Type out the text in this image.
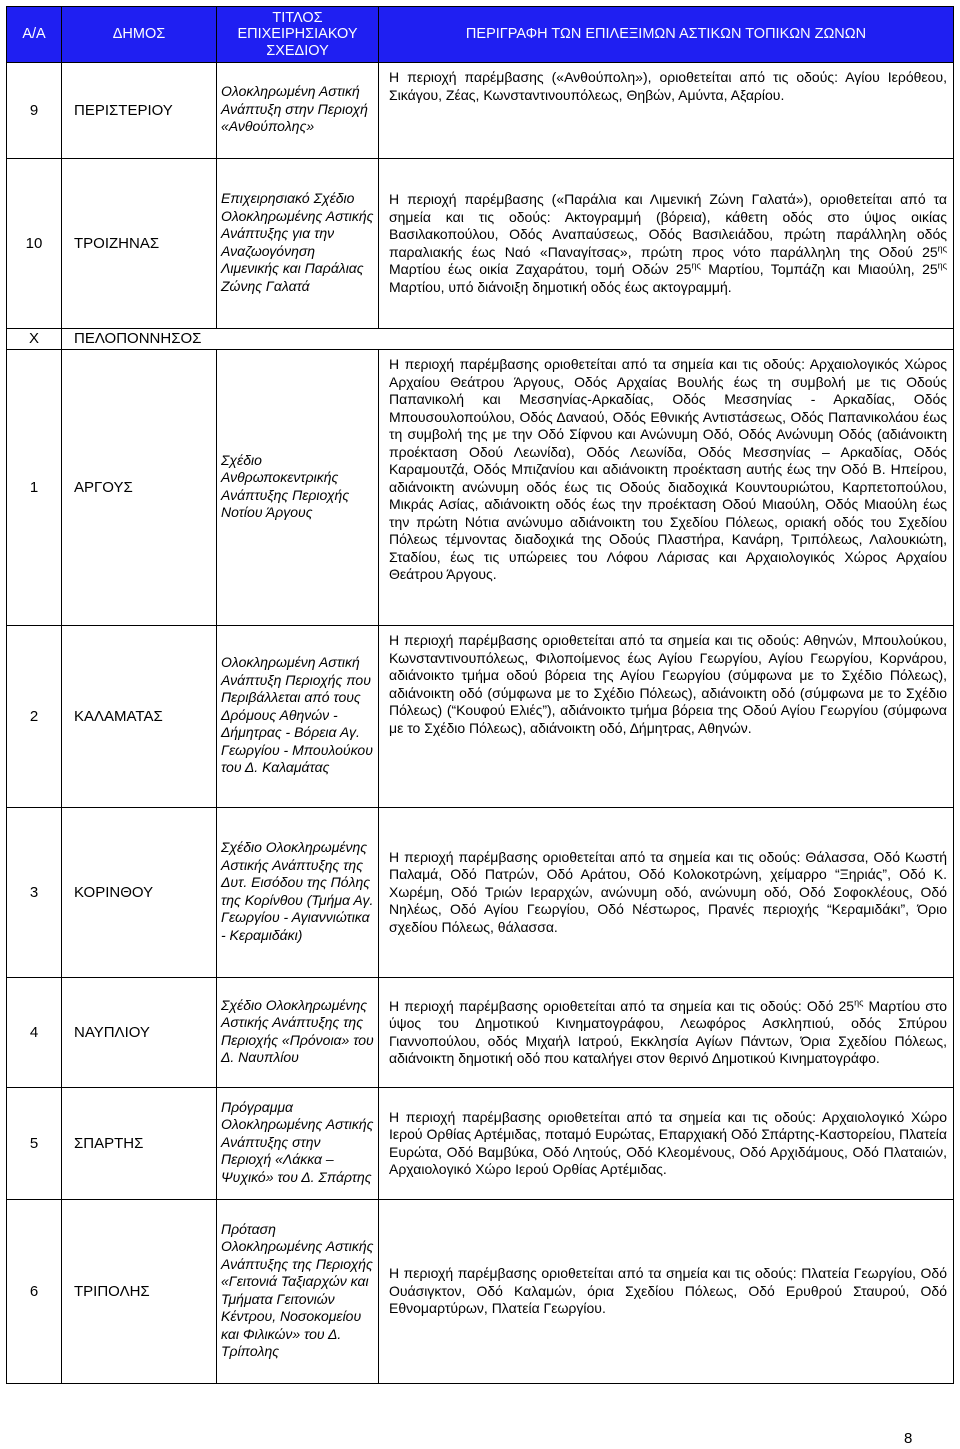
Α/Α	ΔΗΜΟΣ	ΤΙΤΛΟΣ
ΕΠΙΧΕΙΡΗΣΙΑΚΟΥ
ΣΧΕΔΙΟΥ	ΠΕΡΙΓΡΑΦΗ ΤΩΝ ΕΠΙΛΕΞΙΜΩΝ ΑΣΤΙΚΩΝ ΤΟΠΙΚΩΝ ΖΩΝΩΝ
9	ΠΕΡΙΣΤΕΡΙΟΥ	Ολοκληρωμένη Αστική Ανάπτυξη στην Περιοχή «Ανθούπολης»	Η περιοχή παρέμβασης («Ανθούπολη»), οριοθετείται από τις οδούς: Αγίου Ιερόθεου, Σικάγου, Ζέας, Κωνσταντινουπόλεως, Θηβών, Αμύντα, Αξαρίου.

10	ΤΡΟΙΖΗΝΑΣ	Επιχειρησιακό Σχέδιο Ολοκληρωμένης Αστικής Ανάπτυξης για την Αναζωογόνηση Λιμενικής και Παράλιας Ζώνης Γαλατά	Η περιοχή παρέμβασης («Παράλια και Λιμενική Ζώνη Γαλατά»), οριοθετείται από τα σημεία και τις οδούς: Ακτογραμμή (βόρεια), κάθετη οδός στο ύψος οικίας Βασιλακοπούλου, Οδός Αναπαύσεως, Οδός Βασιλειάδου, πρώτη παράλληλη οδός παραλιακής έως Ναό «Παναγίτσας», πρώτη προς νότο παράλληλη της Οδού $25^{\eta\varsigma}$ Μαρτίου έως οικία Ζαχαράτου, τομή Οδών $25^{\eta\varsigma}$ Μαρτίου, Τομπάζη και Μιαούλη, $25^{\eta\varsigma}$ Μαρτίου, υπό διάνοιξη δημοτική οδός έως ακτογραμμή.

Χ	ΠΕΛΟΠΟΝΝΗΣΟΣ		
1	ΑΡΓΟΥΣ	Σχέδιο Ανθρωποκεντρικής Ανάπτυξης Περιοχής Νοτίου Άργους	Η περιοχή παρέμβασης οριοθετείται από τα σημεία και τις οδούς: Αρχαιολογικός Χώρος Αρχαίου Θεάτρου Άργους, Οδός Αρχαίας Βουλής έως τη συμβολή με τις Οδούς Παπανικολή και Μεσσηνίας-Αρκαδίας, Οδός Μεσσηνίας - Αρκαδίας, Οδός Μπουσουλοπούλου, Οδός Δαναού, Οδός Εθνικής Αντιστάσεως, Οδός Παπανικολάου έως τη συμβολή της με την Οδό Σίφνου και Ανώνυμη Οδό, Οδός Ανώνυμη Οδός (αδιάνοικτη προέκταση Οδού Λεωνίδα), Οδός Λεωνίδα, Οδός Μεσσηνίας – Αρκαδίας, Οδός Καραμουτζά, Οδός Μπιζανίου και αδιάνοικτη προέκταση αυτής έως την Οδό Β. Ηπείρου, αδιάνοικτη ανώνυμη οδός έως τις Οδούς διαδοχικά Κουντουριώτου, Καρπετοπούλου, Μικράς Ασίας, αδιάνοικτη οδός έως την προέκταση Οδού Μιαούλη, Οδός Μιαούλη έως την πρώτη Νότια ανώνυμο αδιάνοικτη του Σχεδίου Πόλεως, οριακή οδός του Σχεδίου Πόλεως τέμνοντας διαδοχικά της Οδούς Πλαστήρα, Κανάρη, Τριπόλεως, Λαλουκιώτη, Σταδίου, έως τις υπώρειες του Λόφου Λάρισας και Αρχαιολογικός Χώρος Αρχαίου Θεάτρου Άργους.

2	ΚΑΛΑΜΑΤΑΣ	Ολοκληρωμένη Αστική Ανάπτυξη Περιοχής που Περιβάλλεται από τους Δρόμους Αθηνών - Δήμητρας - Βόρεια Αγ. Γεωργίου - Μπουλούκου του Δ. Καλαμάτας	Η περιοχή παρέμβασης οριοθετείται από τα σημεία και τις οδούς: Αθηνών, Μπουλούκου, Κωνσταντινουπόλεως, Φιλοποίμενος έως Αγίου Γεωργίου, Αγίου Γεωργίου, Κορνάρου, αδιάνοικτο τμήμα οδού βόρεια της Αγίου Γεωργίου (σύμφωνα με το Σχέδιο Πόλεως), αδιάνοικτη οδό (σύμφωνα με το Σχέδιο Πόλεως), αδιάνοικτη οδό (σύμφωνα με το Σχέδιο Πόλεως) (“Κουφού Ελιές”), αδιάνοικτο τμήμα βόρεια της Οδού Αγίου Γεωργίου (σύμφωνα με το Σχέδιο Πόλεως), αδιάνοικτη οδό, Δήμητρας, Αθηνών.

3	ΚΟΡΙΝΘΟΥ	Σχέδιο Ολοκληρωμένης Αστικής Ανάπτυξης της Δυτ. Εισόδου της Πόλης της Κορίνθου (Τμήμα Αγ. Γεωργίου - Αγιαννιώτικα - Κεραμιδάκι)	Η περιοχή παρέμβασης οριοθετείται από τα σημεία και τις οδούς: Θάλασσα, Οδό Κωστή Παλαμά, Οδό Πατρών, Οδό Αράτου, Οδό Κολοκοτρώνη, χείμαρρο “Ξηριάς”, Οδό Κ. Χωρέμη, Οδό Τριών Ιεραρχών, ανώνυμη οδό, ανώνυμη οδό, Οδό Σοφοκλέους, Οδό Νηλέως, Οδό Αγίου Γεωργίου, Οδό Νέστωρος, Πρανές περιοχής “Κεραμιδάκι”, Όριο σχεδίου Πόλεως, θάλασσα.

4	ΝΑΥΠΛΙΟΥ	Σχέδιο Ολοκληρωμένης Αστικής Ανάπτυξης της Περιοχής «Πρόνοια» του Δ. Ναυπλίου	Η περιοχή παρέμβασης οριοθετείται από τα σημεία και τις οδούς: Οδό $25^{\eta\varsigma}$ Μαρτίου στο ύψος του Δημοτικού Κινηματογράφου, Λεωφόρος Ασκληπιού, οδός Σπύρου Γιαννοπούλου, οδός Μιχαήλ Ιατρού, Εκκλησία Αγίων Πάντων, Όρια Σχεδίου Πόλεως, αδιάνοικτη δημοτική οδό που καταλήγει στον θερινό Δημοτικού Κινηματογράφο.

5	ΣΠΑΡΤΗΣ	Πρόγραμμα Ολοκληρωμένης Αστικής Ανάπτυξης στην Περιοχή «Λάκκα – Ψυχικό» του Δ. Σπάρτης	Η περιοχή παρέμβασης οριοθετείται από τα σημεία και τις οδούς: Αρχαιολογικό Χώρο Ιερού Ορθίας Αρτέμιδας, ποταμό Ευρώτας, Επαρχιακή Οδό Σπάρτης-Καστορείου, Πλατεία Ευρώτα, Οδό Βαμβύκα, Οδό Λητούς, Οδό Κλεομένους, Οδό Αρχιδάμους, Οδό Πλαταιών, Αρχαιολογικό Χώρο Ιερού Ορθίας Αρτέμιδας.

6	ΤΡΙΠΟΛΗΣ	Πρόταση Ολοκληρωμένης Αστικής Ανάπτυξης της Περιοχής «Γειτονιά Ταξιαρχών και Τμήματα Γειτονιών Κέντρου, Νοσοκομείου και Φιλικών» του Δ. Τρίπολης	Η περιοχή παρέμβασης οριοθετείται από τα σημεία και τις οδούς: Πλατεία Γεωργίου, Οδό Ουάσιγκτον, Οδό Καλαμών, όρια Σχεδίου Πόλεως, Οδό Ερυθρού Σταυρού, Οδό Εθνομαρτύρων, Πλατεία Γεωργίου.

8
